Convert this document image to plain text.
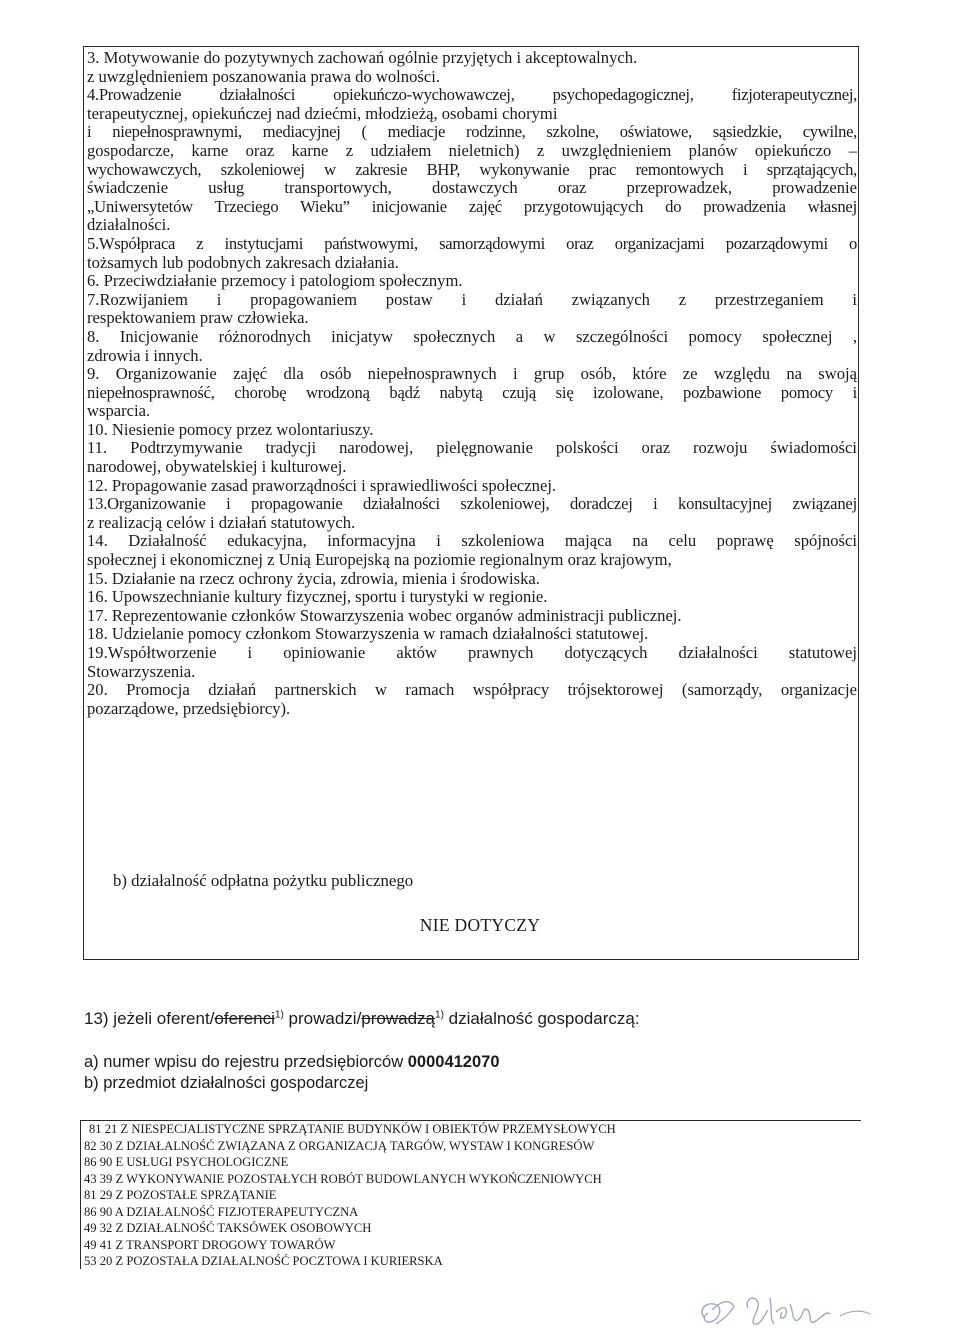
3. Motywowanie do pozytywnych zachowań ogólnie przyjętych i akceptowalnych.
z uwzględnieniem poszanowania prawa do wolności.
4.Prowadzenie działalności opiekuńczo-wychowawczej, psychopedagogicznej, fizjoterapeutycznej,
terapeutycznej, opiekuńczej nad dziećmi, młodzieżą, osobami chorymi
i niepełnosprawnymi, mediacyjnej ( mediacje rodzinne, szkolne, oświatowe, sąsiedzkie, cywilne,
gospodarcze, karne oraz karne z udziałem nieletnich) z uwzględnieniem planów opiekuńczo –
wychowawczych, szkoleniowej w zakresie BHP, wykonywanie prac remontowych i sprzątających,
świadczenie usług transportowych, dostawczych oraz przeprowadzek, prowadzenie
„Uniwersytetów Trzeciego Wieku” inicjowanie zajęć przygotowujących do prowadzenia własnej
działalności.
5.Współpraca z instytucjami państwowymi, samorządowymi oraz organizacjami pozarządowymi o
tożsamych lub podobnych zakresach działania.
6. Przeciwdziałanie przemocy i patologiom społecznym.
7.Rozwijaniem i propagowaniem postaw i działań związanych z przestrzeganiem i
respektowaniem praw człowieka.
8. Inicjowanie różnorodnych inicjatyw społecznych a w szczególności pomocy społecznej ,
zdrowia i innych.
9. Organizowanie zajęć dla osób niepełnosprawnych i grup osób, które ze względu na swoją
niepełnosprawność, chorobę wrodzoną bądź nabytą czują się izolowane, pozbawione pomocy i
wsparcia.
10. Niesienie pomocy przez wolontariuszy.
11. Podtrzymywanie tradycji narodowej, pielęgnowanie polskości oraz rozwoju świadomości
narodowej, obywatelskiej i kulturowej.
12. Propagowanie zasad praworządności i sprawiedliwości społecznej.
13.Organizowanie i propagowanie działalności szkoleniowej, doradczej i konsultacyjnej związanej
z realizacją celów i działań statutowych.
14. Działalność edukacyjna, informacyjna i szkoleniowa mająca na celu poprawę spójności
społecznej i ekonomicznej z Unią Europejską na poziomie regionalnym oraz krajowym,
15. Działanie na rzecz ochrony życia, zdrowia, mienia i środowiska.
16. Upowszechnianie kultury fizycznej, sportu i turystyki w regionie.
17. Reprezentowanie członków Stowarzyszenia wobec organów administracji publicznej.
18. Udzielanie pomocy członkom Stowarzyszenia w ramach działalności statutowej.
19.Współtworzenie i opiniowanie aktów prawnych dotyczących działalności statutowej
Stowarzyszenia.
20. Promocja działań partnerskich w ramach współpracy trójsektorowej (samorządy, organizacje
pozarządowe, przedsiębiorcy).
b) działalność odpłatna pożytku publicznego
NIE DOTYCZY
13) jeżeli oferent/oferenci$^{1)}$ prowadzi/prowadzą$^{1)}$ działalność gospodarczą:
a) numer wpisu do rejestru przedsiębiorców 0000412070
b) przedmiot działalności gospodarczej
81 21 Z NIESPECJALISTYCZNE SPRZĄTANIE BUDYNKÓW I OBIEKTÓW PRZEMYSŁOWYCH
82 30 Z DZIAŁALNOŚĆ ZWIĄZANA Z ORGANIZACJĄ TARGÓW, WYSTAW I KONGRESÓW
86 90 E USŁUGI PSYCHOLOGICZNE
43 39 Z WYKONYWANIE POZOSTAŁYCH ROBÓT BUDOWLANYCH WYKOŃCZENIOWYCH
81 29 Z POZOSTAŁE SPRZĄTANIE
86 90 A DZIAŁALNOŚĆ FIZJOTERAPEUTYCZNA
49 32 Z DZIAŁALNOŚĆ TAKSÓWEK OSOBOWYCH
49 41 Z TRANSPORT DROGOWY TOWARÓW
53 20 Z POZOSTAŁA DZIAŁALNOŚĆ POCZTOWA I KURIERSKA
